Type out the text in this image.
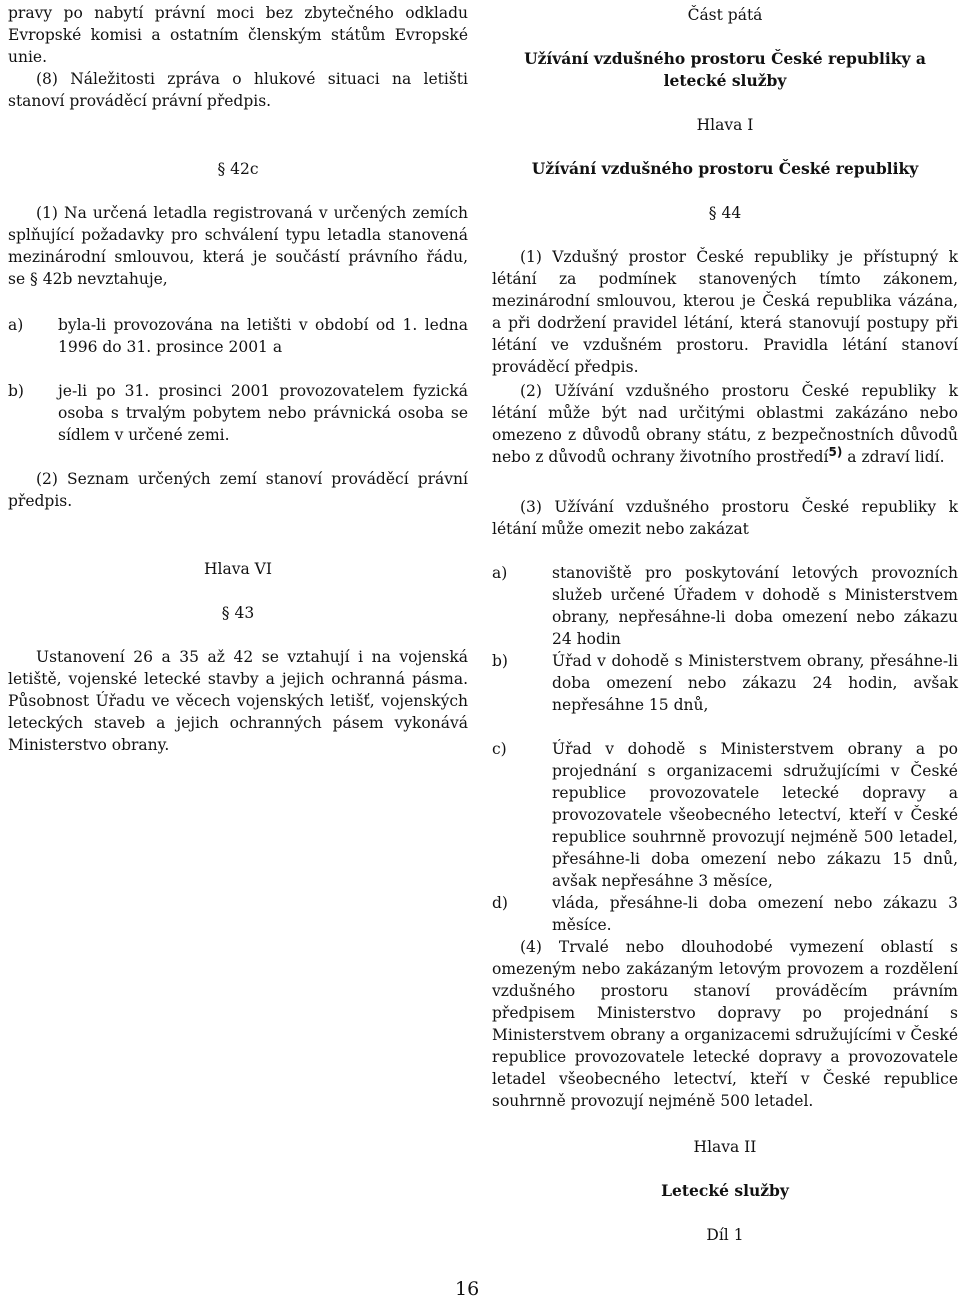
pravy po nabytí právní moci bez zbytečného odkladu Evropské komisi a ostatním členským státům Evropské unie.

(8) Náležitosti zpráva o hlukové situaci na letišti stanoví prováděcí právní předpis.

§ 42c

(1) Na určená letadla registrovaná v určených zemích splňující požadavky pro schválení typu letadla stanovená mezinárodní smlouvou, která je součástí právního řádu, se § 42b nevztahuje,

a) byla-li provozována na letišti v období od 1. ledna 1996 do 31. prosince 2001 a

b) je-li po 31. prosinci 2001 provozovatelem fyzická osoba s trvalým pobytem nebo právnická osoba se sídlem v určené zemi.

(2) Seznam určených zemí stanoví prováděcí právní předpis.

Hlava VI

§ 43

Ustanovení 26 a 35 až 42 se vztahují i na vojenská letiště, vojenské letecké stavby a jejich ochranná pásma. Působnost Úřadu ve věcech vojenských letišť, vojenských leteckých staveb a jejich ochranných pásem vykonává Ministerstvo obrany.

Část pátá

Užívání vzdušného prostoru České republiky a letecké služby

Hlava I

Užívání vzdušného prostoru České republiky

§ 44

(1) Vzdušný prostor České republiky je přístupný k létání za podmínek stanovených tímto zákonem, mezinárodní smlouvou, kterou je Česká republika vázána, a při dodržení pravidel létání, která stanovují postupy při létání ve vzdušném prostoru. Pravidla létání stanoví prováděcí předpis.

(2) Užívání vzdušného prostoru České republiky k létání může být nad určitými oblastmi zakázáno nebo omezeno z důvodů obrany státu, z bezpečnostních důvodů nebo z důvodů ochrany životního prostředí$^{5)}$ a zdraví lidí.

(3) Užívání vzdušného prostoru České republiky k létání může omezit nebo zakázat

a)	stanoviště pro poskytování letových provozních služeb určené Úřadem v dohodě s Ministerstvem obrany, nepřesáhne-li doba omezení nebo zákazu 24 hodin

b)	Úřad v dohodě s Ministerstvem obrany, přesáhne-li doba omezení nebo zákazu 24 hodin, avšak nepřesáhne 15 dnů,

c)	Úřad v dohodě s Ministerstvem obrany a po projednání s organizacemi sdružujícími v České republice provozovatele letecké dopravy a provozovatele všeobecného letectví, kteří v České republice souhrnně provozují nejméně 500 letadel, přesáhne-li doba omezení nebo zákazu 15 dnů, avšak nepřesáhne 3 měsíce,

d)	vláda, přesáhne-li doba omezení nebo zákazu 3 měsíce.

(4) Trvalé nebo dlouhodobé vymezení oblastí s omezeným nebo zakázaným letovým provozem a rozdělení vzdušného prostoru stanoví prováděcím právním předpisem Ministerstvo dopravy po projednání s Ministerstvem obrany a organizacemi sdružujícími v České republice provozovatele letecké dopravy a provozovatele letadel všeobecného letectví, kteří v České republice souhrnně provozují nejméně 500 letadel.

Hlava II

Letecké služby

Díl 1

16
